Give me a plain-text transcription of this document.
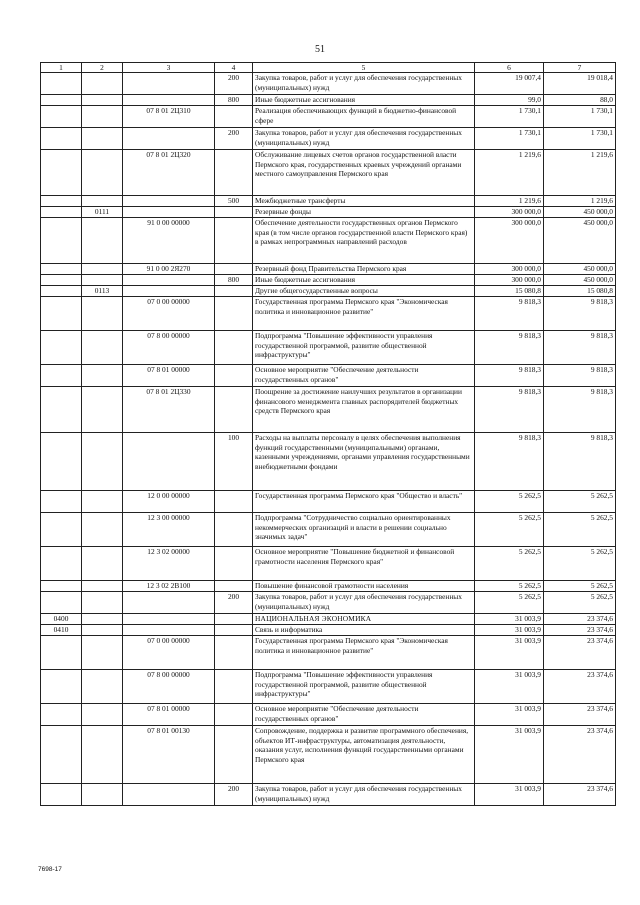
51
1	2	3	4	5	6	7
			200	Закупка товаров, работ и услуг для обеспечения государственных (муниципальных) нужд	19 007,4	19 018,4
			800	Иные бюджетные ассигнования	99,0	88,0
		07 8 01 2Ц310		Реализация обеспечивающих функций в бюджетно-финансовой сфере	1 730,1	1 730,1
			200	Закупка товаров, работ и услуг для обеспечения государственных (муниципальных) нужд	1 730,1	1 730,1
		07 8 01 2Ц320		Обслуживание лицевых счетов органов государственной власти Пермского края, государственных краевых учреждений органами местного самоуправления Пермского края	1 219,6	1 219,6
			500	Межбюджетные трансферты	1 219,6	1 219,6
	0111			Резервные фонды	300 000,0	450 000,0
		91 0 00 00000		Обеспечение деятельности государственных органов Пермского края (в том числе органов государственной власти Пермского края) в рамках непрограммных направлений расходов	300 000,0	450 000,0
		91 0 00 2Я270		Резервный фонд Правительства Пермского края	300 000,0	450 000,0
			800	Иные бюджетные ассигнования	300 000,0	450 000,0
	0113			Другие общегосударственные вопросы	15 080,8	15 080,8
		07 0 00 00000		Государственная программа Пермского края "Экономическая политика и инновационное развитие"	9 818,3	9 818,3
		07 8 00 00000		Подпрограмма "Повышение эффективности управления государственной программой, развитие общественной инфраструктуры"	9 818,3	9 818,3
		07 8 01 00000		Основное мероприятие "Обеспечение деятельности государственных органов"	9 818,3	9 818,3
		07 8 01 2Ц330		Поощрение за достижение наилучших результатов в организации финансового менеджмента главных распорядителей бюджетных средств Пермского края	9 818,3	9 818,3
			100	Расходы на выплаты персоналу в целях обеспечения выполнения функций государственными (муниципальными) органами, казенными учреждениями, органами управления государственными внебюджетными фондами	9 818,3	9 818,3
		12 0 00 00000		Государственная программа Пермского края "Общество и власть"	5 262,5	5 262,5
		12 3 00 00000		Подпрограмма "Сотрудничество социально ориентированных некоммерческих организаций и власти в решении социально значимых задач"	5 262,5	5 262,5
		12 3 02 00000		Основное мероприятие "Повышение бюджетной и финансовой грамотности населения Пермского края"	5 262,5	5 262,5
		12 3 02 2B100		Повышение финансовой грамотности населения	5 262,5	5 262,5
			200	Закупка товаров, работ и услуг для обеспечения государственных (муниципальных) нужд	5 262,5	5 262,5
0400				НАЦИОНАЛЬНАЯ ЭКОНОМИКА	31 003,9	23 374,6
0410				Связь и информатика	31 003,9	23 374,6
		07 0 00 00000		Государственная программа Пермского края "Экономическая политика и инновационное развитие"	31 003,9	23 374,6
		07 8 00 00000		Подпрограмма "Повышение эффективности управления государственной программой, развитие общественной инфраструктуры"	31 003,9	23 374,6
		07 8 01 00000		Основное мероприятие "Обеспечение деятельности государственных органов"	31 003,9	23 374,6
		07 8 01 00130		Сопровождение, поддержка и развитие программного обеспечения, объектов ИТ-инфраструктуры, автоматизация деятельности, оказания услуг, исполнения функций государственными органами Пермского края	31 003,9	23 374,6
			200	Закупка товаров, работ и услуг для обеспечения государственных (муниципальных) нужд	31 003,9	23 374,6
7698-17
